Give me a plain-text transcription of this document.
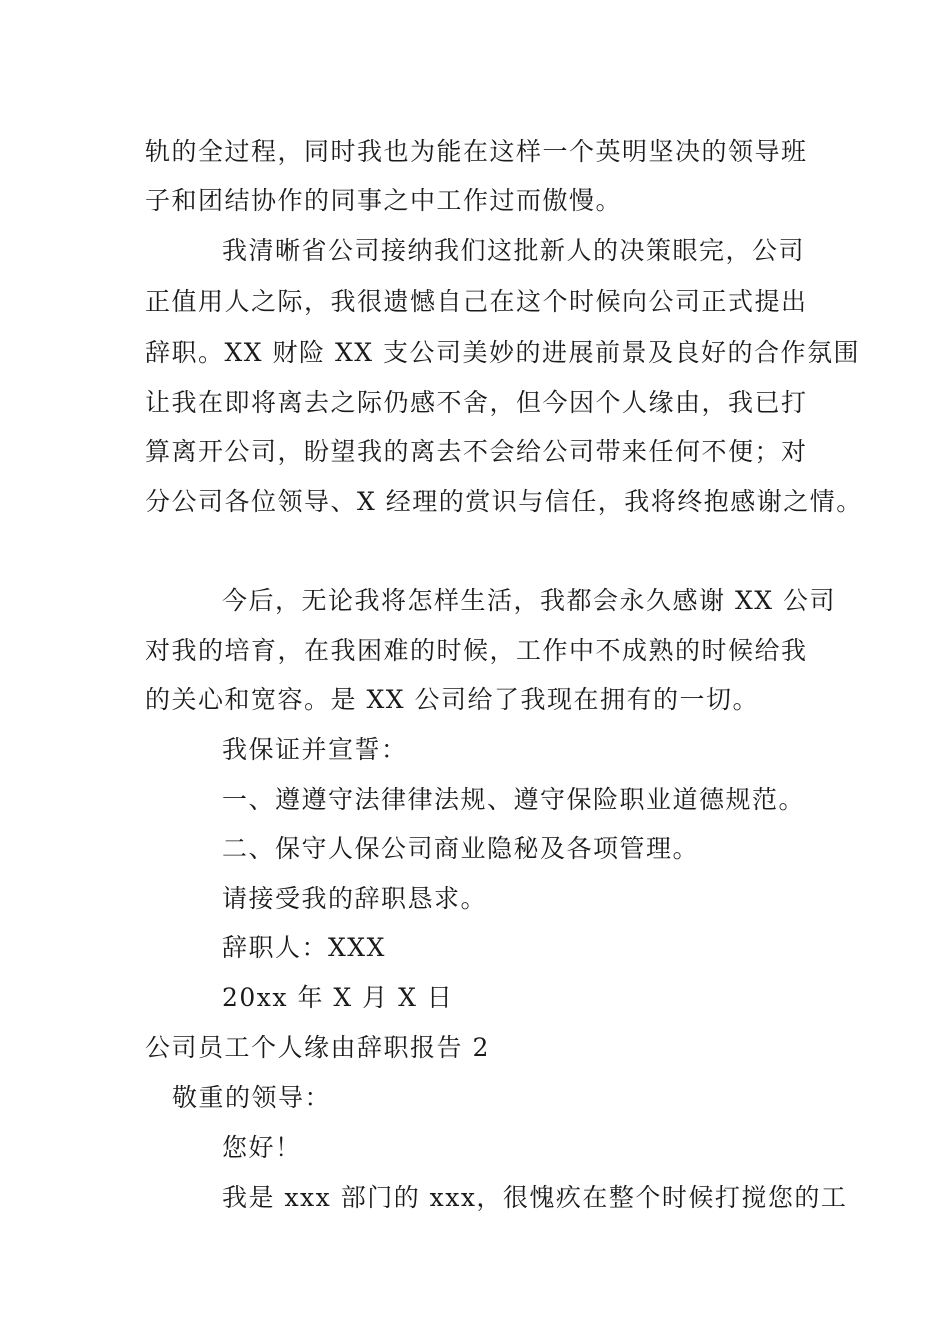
轨的全过程，同时我也为能在这样一个英明坚决的领导班
子和团结协作的同事之中工作过而傲慢。
我清晰省公司接纳我们这批新人的决策眼完，公司
正值用人之际，我很遗憾自己在这个时候向公司正式提出
辞职。XX 财险 XX 支公司美妙的进展前景及良好的合作氛围
让我在即将离去之际仍感不舍，但今因个人缘由，我已打
算离开公司，盼望我的离去不会给公司带来任何不便；对
分公司各位领导、X 经理的赏识与信任，我将终抱感谢之情。
今后，无论我将怎样生活，我都会永久感谢 XX 公司
对我的培育，在我困难的时候，工作中不成熟的时候给我
的关心和宽容。是 XX 公司给了我现在拥有的一切。
我保证并宣誓：
一、遵遵守法律律法规、遵守保险职业道德规范。
二、保守人保公司商业隐秘及各项管理。
请接受我的辞职恳求。
辞职人：XXX
20xx 年 X 月 X 日
公司员工个人缘由辞职报告 2
敬重的领导：
您好！
我是 xxx 部门的 xxx，很愧疚在整个时候打搅您的工
